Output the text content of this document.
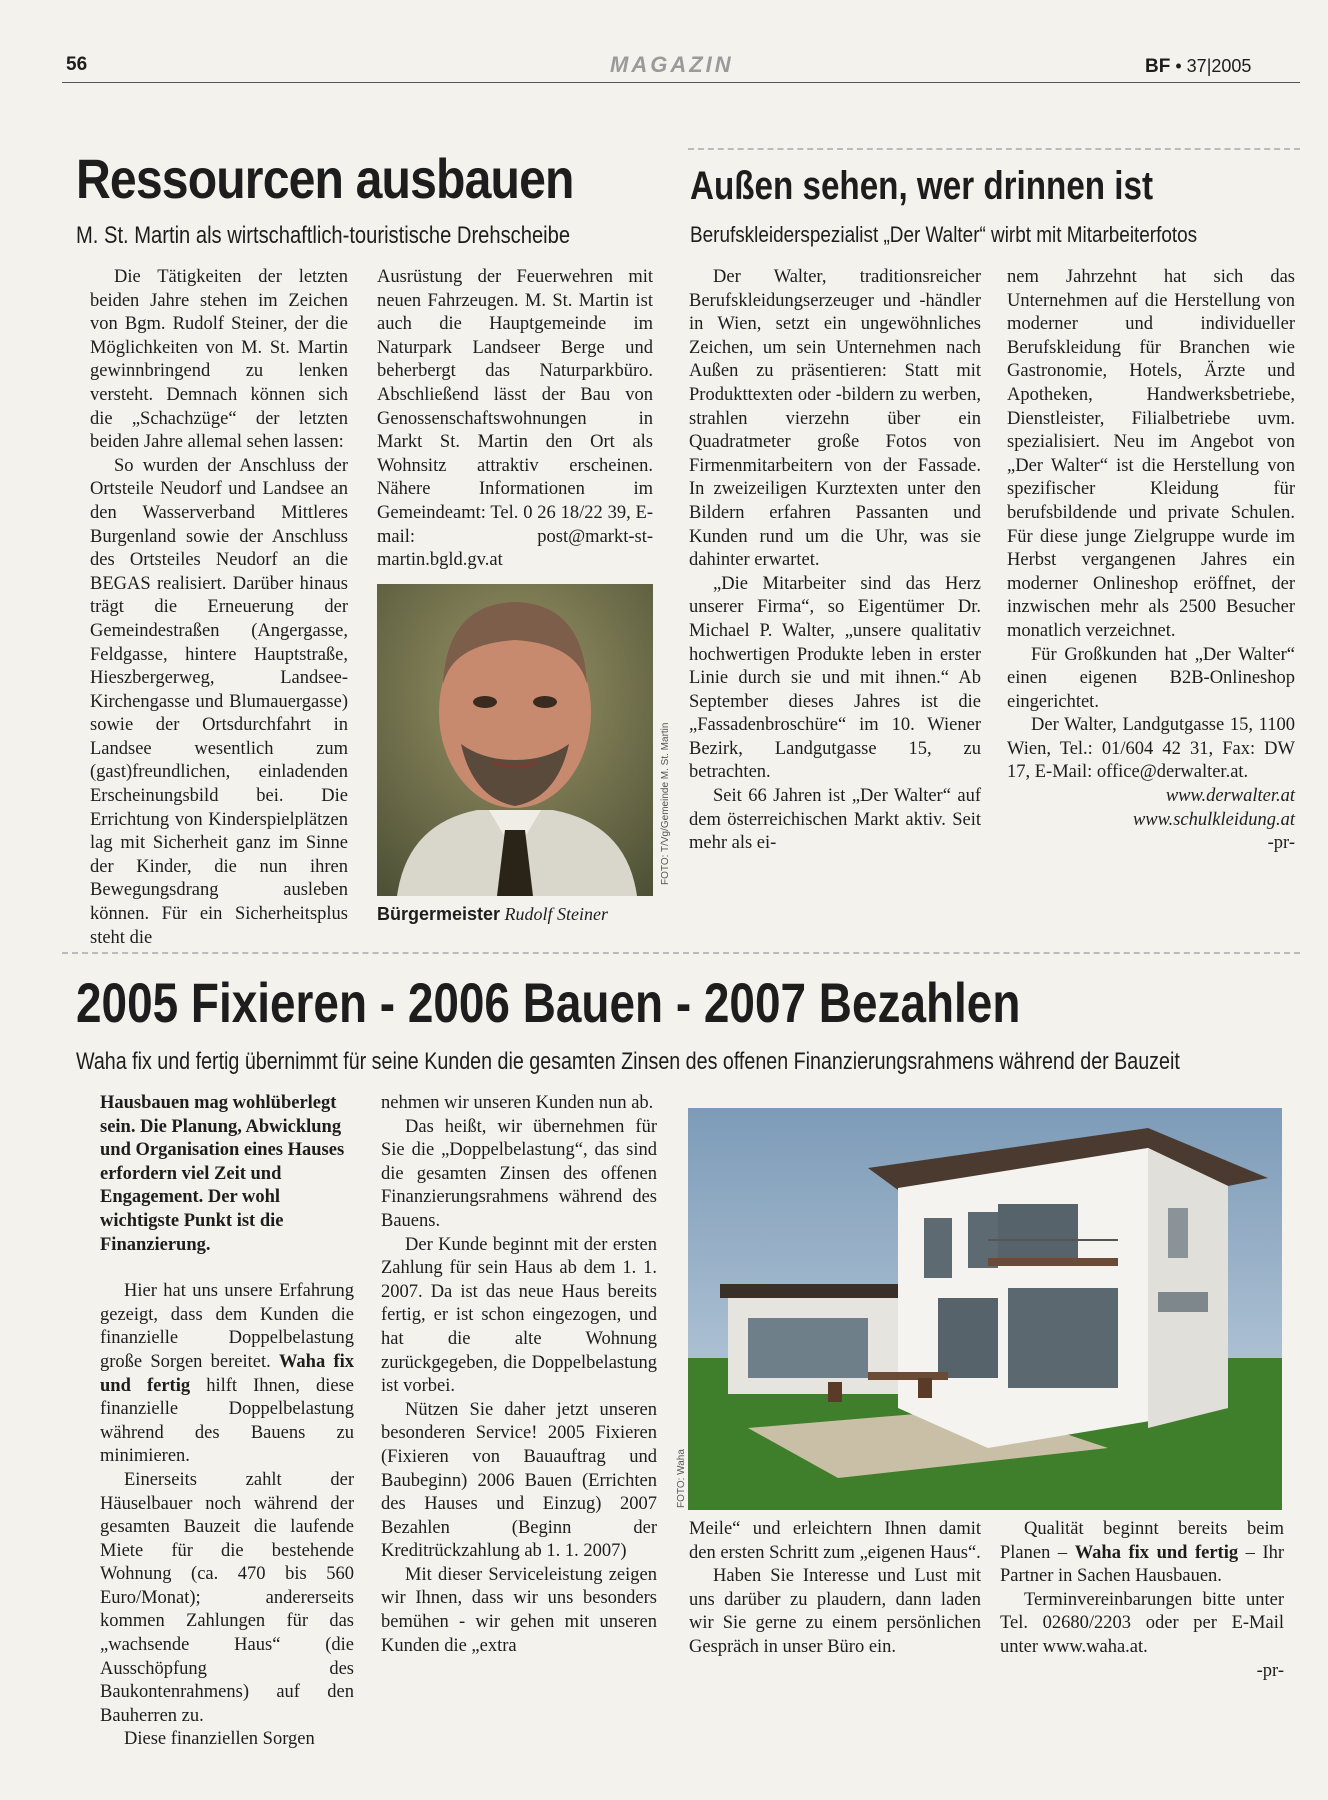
56	MAGAZIN	BF • 37|2005
Ressourcen ausbauen
M. St. Martin als wirtschaftlich-touristische Drehscheibe

Die Tätigkeiten der letzten beiden Jahre stehen im Zeichen von Bgm. Rudolf Steiner, der die Möglichkeiten von M. St. Martin gewinnbringend zu lenken versteht. Demnach können sich die „Schachzüge“ der letzten beiden Jahre allemal sehen lassen:

So wurden der Anschluss der Ortsteile Neudorf und Landsee an den Wasserverband Mittleres Burgenland sowie der Anschluss des Ortsteiles Neudorf an die BEGAS realisiert. Darüber hinaus trägt die Erneuerung der Gemeindestraßen (Angergasse, Feldgasse, hintere Hauptstraße, Hieszbergerweg, Landsee-Kirchengasse und Blumauergasse) sowie der Ortsdurchfahrt in Landsee wesentlich zum (gast)freundlichen, einladenden Erscheinungsbild bei. Die Errichtung von Kinderspielplätzen lag mit Sicherheit ganz im Sinne der Kinder, die nun ihren Bewegungsdrang ausleben können. Für ein Sicherheitsplus steht die

Ausrüstung der Feuerwehren mit neuen Fahrzeugen. M. St. Martin ist auch die Hauptgemeinde im Naturpark Landseer Berge und beherbergt das Naturparkbüro. Abschließend lässt der Bau von Genossenschaftswohnungen in Markt St. Martin den Ort als Wohnsitz attraktiv erscheinen. Nähere Informationen im Gemeindeamt: Tel. 0 26 18/22 39, E-mail: post@markt-st-martin.bgld.gv.at

FOTO: T/Vg/Gemeinde M. St. Martin
Bürgermeister Rudolf Steiner
Außen sehen, wer drinnen ist
Berufskleiderspezialist „Der Walter“ wirbt mit Mitarbeiterfotos

Der Walter, traditionsreicher Berufskleidungserzeuger und -händler in Wien, setzt ein ungewöhnliches Zeichen, um sein Unternehmen nach Außen zu präsentieren: Statt mit Produkttexten oder -bildern zu werben, strahlen vierzehn über ein Quadratmeter große Fotos von Firmenmitarbeitern von der Fassade. In zweizeiligen Kurztexten unter den Bildern erfahren Passanten und Kunden rund um die Uhr, was sie dahinter erwartet.

„Die Mitarbeiter sind das Herz unserer Firma“, so Eigentümer Dr. Michael P. Walter, „unsere qualitativ hochwertigen Produkte leben in erster Linie durch sie und mit ihnen.“ Ab September dieses Jahres ist die „Fassadenbroschüre“ im 10. Wiener Bezirk, Landgutgasse 15, zu betrachten.

Seit 66 Jahren ist „Der Walter“ auf dem österreichischen Markt aktiv. Seit mehr als ei-

nem Jahrzehnt hat sich das Unternehmen auf die Herstellung von moderner und individueller Berufskleidung für Branchen wie Gastronomie, Hotels, Ärzte und Apotheken, Handwerksbetriebe, Dienstleister, Filialbetriebe uvm. spezialisiert. Neu im Angebot von „Der Walter“ ist die Herstellung von spezifischer Kleidung für berufsbildende und private Schulen. Für diese junge Zielgruppe wurde im Herbst vergangenen Jahres ein moderner Onlineshop eröffnet, der inzwischen mehr als 2500 Besucher monatlich verzeichnet.

Für Großkunden hat „Der Walter“ einen eigenen B2B-Onlineshop eingerichtet.

Der Walter, Landgutgasse 15, 1100 Wien, Tel.: 01/604 42 31, Fax: DW 17, E-Mail: office@derwalter.at.

www.derwalter.at
www.schulkleidung.at
-pr-
2005 Fixieren - 2006 Bauen - 2007 Bezahlen
Waha fix und fertig übernimmt für seine Kunden die gesamten Zinsen des offenen Finanzierungsrahmens während der Bauzeit

Hausbauen mag wohlüberlegt sein. Die Planung, Abwicklung und Organisation eines Hauses erfordern viel Zeit und Engagement. Der wohl wichtigste Punkt ist die Finanzierung.

Hier hat uns unsere Erfahrung gezeigt, dass dem Kunden die finanzielle Doppelbelastung große Sorgen bereitet. Waha fix und fertig hilft Ihnen, diese finanzielle Doppelbelastung während des Bauens zu minimieren.

Einerseits zahlt der Häuselbauer noch während der gesamten Bauzeit die laufende Miete für die bestehende Wohnung (ca. 470 bis 560 Euro/Monat); andererseits kommen Zahlungen für das „wachsende Haus“ (die Ausschöpfung des Baukontenrahmens) auf den Bauherren zu.

Diese finanziellen Sorgen

nehmen wir unseren Kunden nun ab.

Das heißt, wir übernehmen für Sie die „Doppelbelastung“, das sind die gesamten Zinsen des offenen Finanzierungsrahmens während des Bauens.

Der Kunde beginnt mit der ersten Zahlung für sein Haus ab dem 1. 1. 2007. Da ist das neue Haus bereits fertig, er ist schon eingezogen, und hat die alte Wohnung zurückgegeben, die Doppelbelastung ist vorbei.

Nützen Sie daher jetzt unseren besonderen Service! 2005 Fixieren (Fixieren von Bauauftrag und Baubeginn) 2006 Bauen (Errichten des Hauses und Einzug) 2007 Bezahlen (Beginn der Kreditrückzahlung ab 1. 1. 2007)

Mit dieser Serviceleistung zeigen wir Ihnen, dass wir uns besonders bemühen - wir gehen mit unseren Kunden die „extra

FOTO: Waha

Meile“ und erleichtern Ihnen damit den ersten Schritt zum „eigenen Haus“.

Haben Sie Interesse und Lust mit uns darüber zu plaudern, dann laden wir Sie gerne zu einem persönlichen Gespräch in unser Büro ein.

Qualität beginnt bereits beim Planen – Waha fix und fertig – Ihr Partner in Sachen Hausbauen.

Terminvereinbarungen bitte unter Tel. 02680/2203 oder per E-Mail unter www.waha.at.

-pr-
